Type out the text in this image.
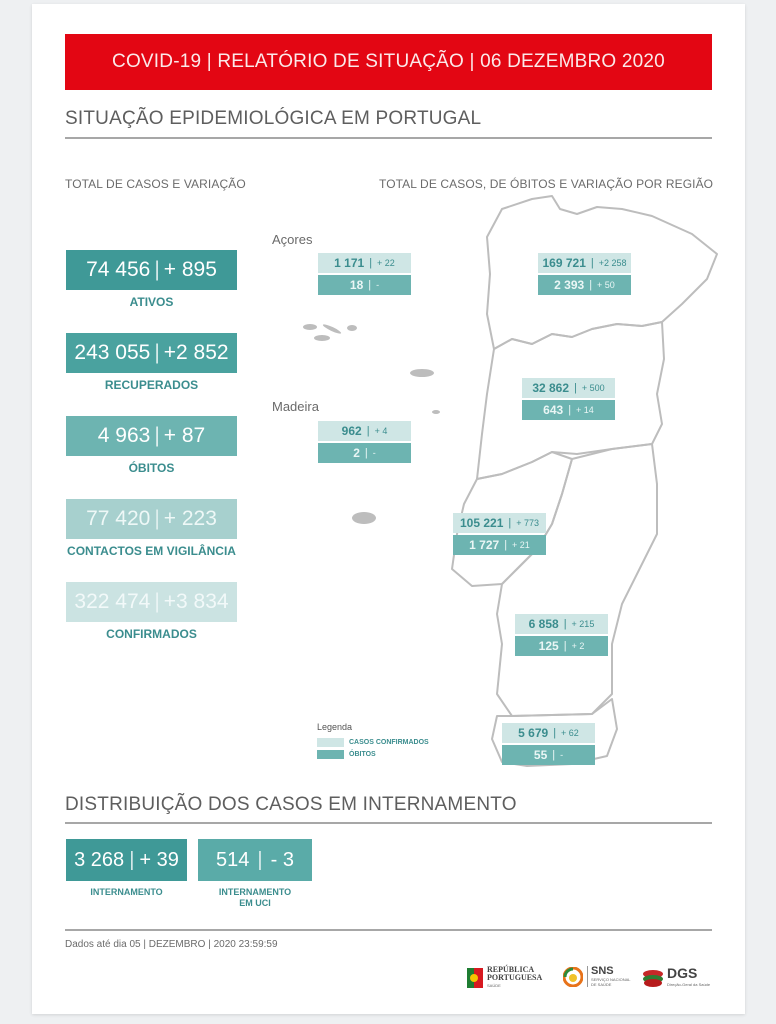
COVID-19 | RELATÓRIO DE SITUAÇÃO | 06 DEZEMBRO 2020
SITUAÇÃO EPIDEMIOLÓGICA EM PORTUGAL
TOTAL DE CASOS E VARIAÇÃO	TOTAL DE CASOS, DE ÓBITOS E VARIAÇÃO POR REGIÃO
74 456 | + 895
ATIVOS
243 055 | +2 852
RECUPERADOS
4 963 | + 87
ÓBITOS
77 420 | + 223
CONTACTOS EM VIGILÂNCIA
322 474 | +3 834
CONFIRMADOS
Açores
1 171 | + 22
18 | -
Madeira
962 | + 4
2 | -
169 721 | +2 258
2 393 | + 50
32 862 | + 500
643 | + 14
105 221 | + 773
1 727 | + 21
6 858 | + 215
125 | + 2
5 679 | + 62
55 | -
Legenda
CASOS CONFIRMADOS
ÓBITOS
DISTRIBUIÇÃO DOS CASOS EM INTERNAMENTO
3 268 | + 39
INTERNAMENTO
514 | - 3
INTERNAMENTO
EM UCI
Dados até dia 05 | DEZEMBRO | 2020 23:59:59
REPÚBLICA
PORTUGUESA
SAÚDE
SNS
SERVIÇO NACIONAL
DE SAÚDE
DGS
Direção-Geral da Saúde
